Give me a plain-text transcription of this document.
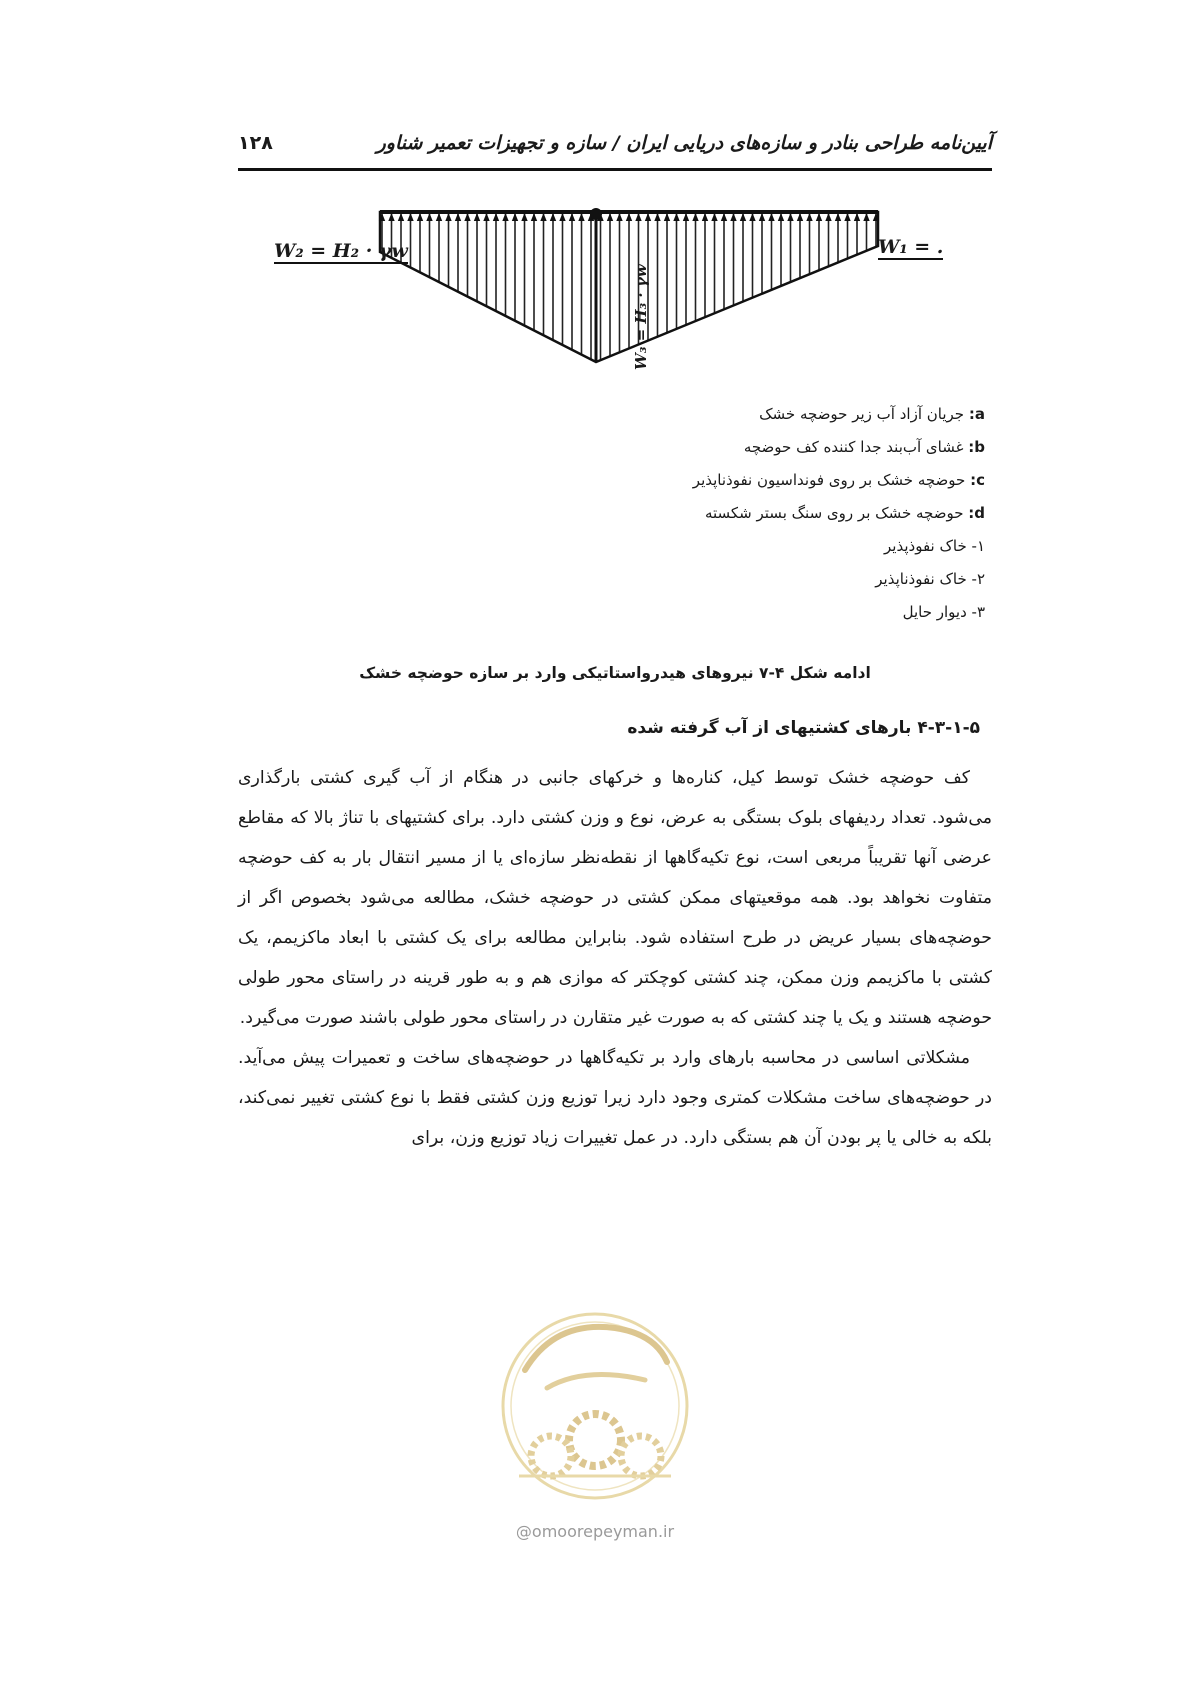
آیین‌نامه طراحی بنادر و سازه‌های دریایی ایران / سازه و تجهیزات تعمیر شناور
۱۲۸
W₂ = H₂ · γw	W₁ = .
W₃ = H₃ · γw
a: جریان آزاد آب زیر حوضچه خشک
b: غشای آب‌بند جدا کننده کف حوضچه
c: حوضچه خشک بر روی فونداسیون نفوذناپذیر
d: حوضچه خشک بر روی سنگ بستر شکسته
۱- خاک نفوذپذیر
۲- خاک نفوذناپذیر
۳- دیوار حایل
ادامه شکل ۴-۷ نیروهای هیدرواستاتیکی وارد بر سازه حوضچه خشک
۴-۳-۱-۵ بارهای کشتیهای از آب گرفته شده

کف حوضچه خشک توسط کیل، کناره‌ها و خرکهای جانبی در هنگام از آب گیری کشتی بارگذاری می‌شود. تعداد ردیفهای بلوک بستگی به عرض، نوع و وزن کشتی دارد. برای کشتیهای با تناژ بالا که مقاطع عرضی آنها تقریباً مربعی است، نوع تکیه‌گاهها از نقطه‌نظر سازه‌ای یا از مسیر انتقال بار به کف حوضچه متفاوت نخواهد بود. همه موقعیتهای ممکن کشتی در حوضچه خشک، مطالعه می‌شود بخصوص اگر از حوضچه‌های بسیار عریض در طرح استفاده شود. بنابراین مطالعه برای یک کشتی با ابعاد ماکزیمم، یک کشتی با ماکزیمم وزن ممکن، چند کشتی کوچکتر که موازی هم و به طور قرینه در راستای محور طولی حوضچه هستند و یک یا چند کشتی که به صورت غیر متقارن در راستای محور طولی باشند صورت می‌گیرد.

مشکلاتی اساسی در محاسبه بارهای وارد بر تکیه‌گاهها در حوضچه‌های ساخت و تعمیرات پیش می‌آید. در حوضچه‌های ساخت مشکلات کمتری وجود دارد زیرا توزیع وزن کشتی فقط با نوع کشتی تغییر نمی‌کند، بلکه به خالی یا پر بودن آن هم بستگی دارد. در عمل تغییرات زیاد توزیع وزن، برای

@omoorepeyman.ir
